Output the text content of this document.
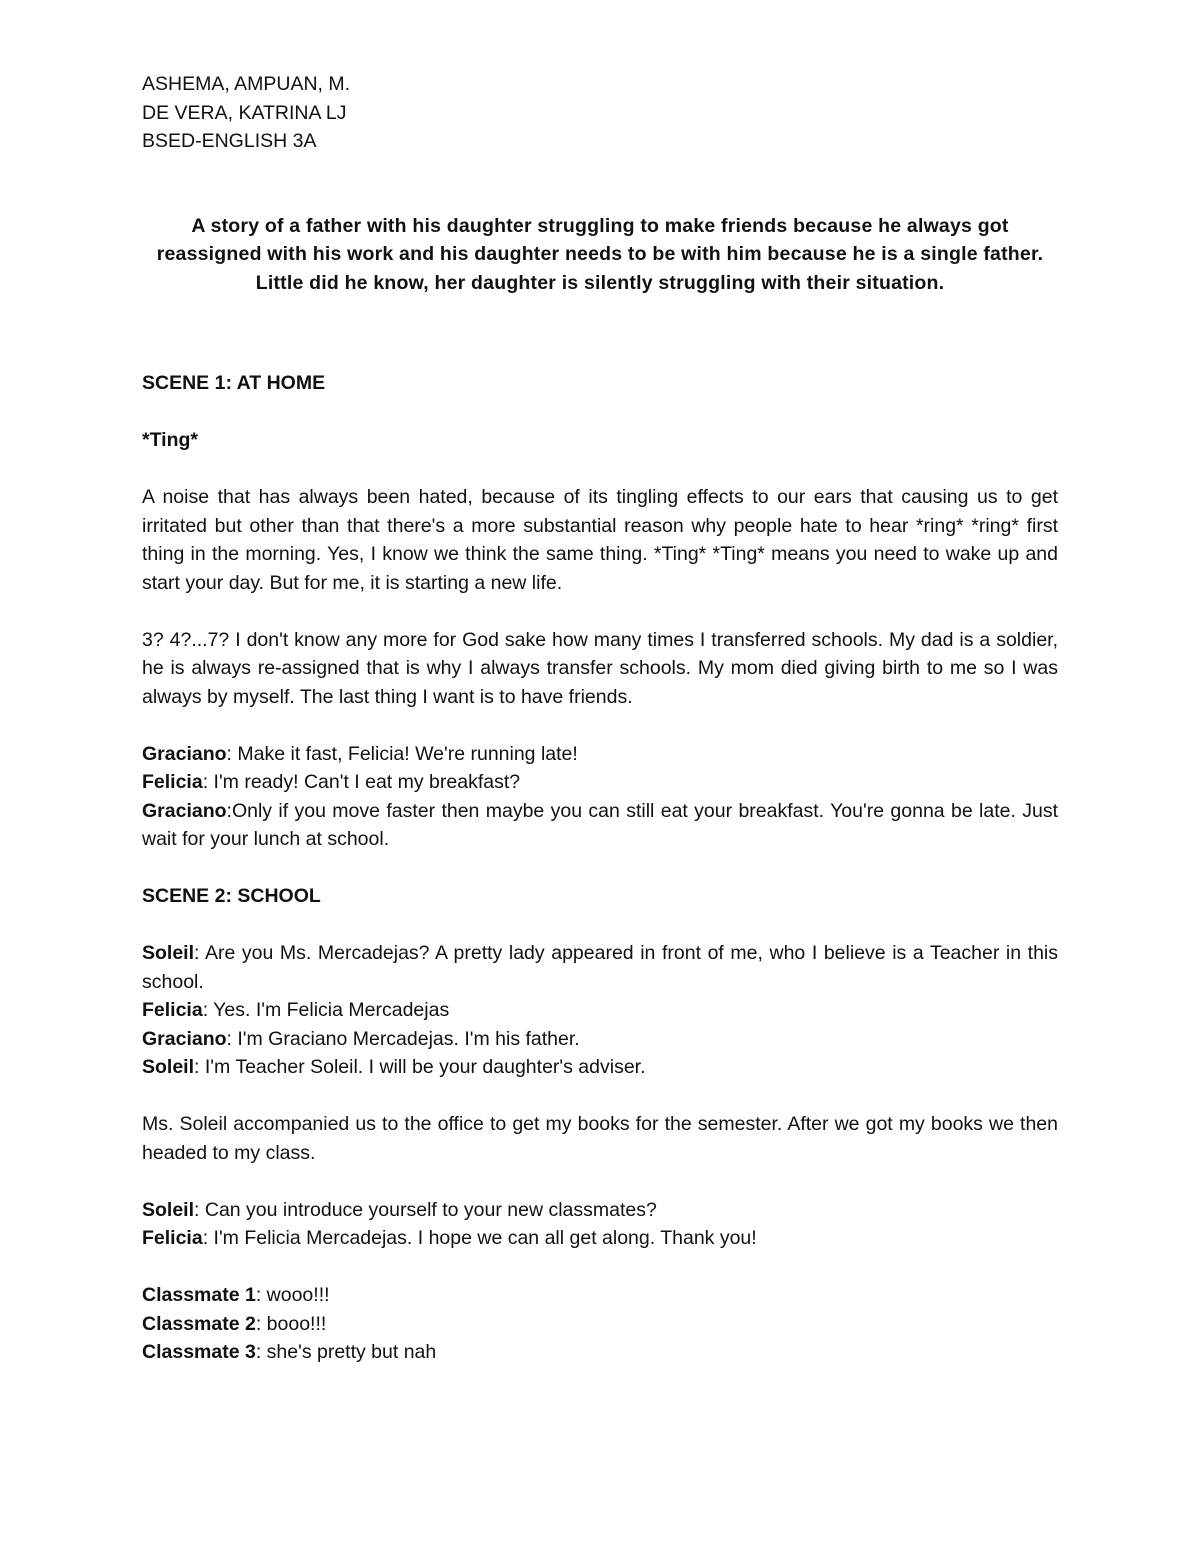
ASHEMA, AMPUAN, M.
DE VERA, KATRINA LJ
BSED-ENGLISH 3A

A story of a father with his daughter struggling to make friends because he always got reassigned with his work and his daughter needs to be with him because he is a single father. Little did he know, her daughter is silently struggling with their situation.

SCENE 1: AT HOME

*Ting*

A noise that has always been hated, because of its tingling effects to our ears that causing us to get irritated but other than that there's a more substantial reason why people hate to hear *ring* *ring* first thing in the morning. Yes, I know we think the same thing. *Ting* *Ting* means you need to wake up and start your day. But for me, it is starting a new life.

3? 4?...7? I don't know any more for God sake how many times I transferred schools. My dad is a soldier, he is always re-assigned that is why I always transfer schools. My mom died giving birth to me so I was always by myself. The last thing I want is to have friends.

Graciano: Make it fast, Felicia! We're running late!
Felicia: I'm ready! Can't I eat my breakfast?
Graciano:Only if you move faster then maybe you can still eat your breakfast. You're gonna be late. Just wait for your lunch at school.

SCENE 2: SCHOOL

Soleil: Are you Ms. Mercadejas? A pretty lady appeared in front of me, who I believe is a Teacher in this school.
Felicia: Yes. I'm Felicia Mercadejas
Graciano: I'm Graciano Mercadejas. I'm his father.
Soleil: I'm Teacher Soleil. I will be your daughter's adviser.

Ms. Soleil accompanied us to the office to get my books for the semester. After we got my books we then headed to my class.

Soleil: Can you introduce yourself to your new classmates?
Felicia: I'm Felicia Mercadejas. I hope we can all get along. Thank you!
Classmate 1: wooo!!!
Classmate 2: booo!!!
Classmate 3: she's pretty but nah
